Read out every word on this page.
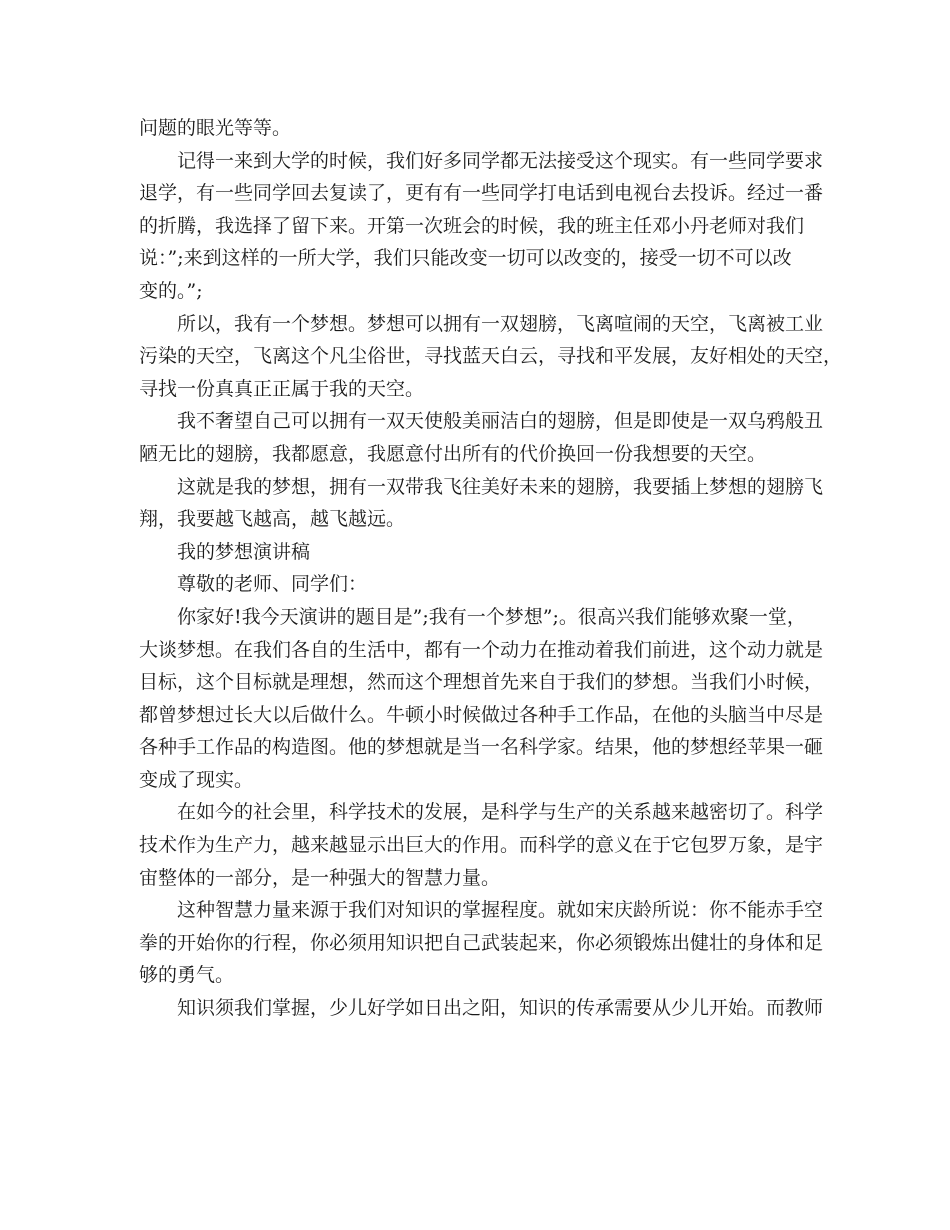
问题的眼光等等。
记得一来到大学的时候，我们好多同学都无法接受这个现实。有一些同学要求
退学，有一些同学回去复读了，更有有一些同学打电话到电视台去投诉。经过一番
的折腾，我选择了留下来。开第一次班会的时候，我的班主任邓小丹老师对我们
说：”;来到这样的一所大学，我们只能改变一切可以改变的，接受一切不可以改
变的。”;
所以，我有一个梦想。梦想可以拥有一双翅膀，飞离喧闹的天空，飞离被工业
污染的天空，飞离这个凡尘俗世，寻找蓝天白云，寻找和平发展，友好相处的天空，
寻找一份真真正正属于我的天空。
我不奢望自己可以拥有一双天使般美丽洁白的翅膀，但是即使是一双乌鸦般丑
陋无比的翅膀，我都愿意，我愿意付出所有的代价换回一份我想要的天空。
这就是我的梦想，拥有一双带我飞往美好未来的翅膀，我要插上梦想的翅膀飞
翔，我要越飞越高，越飞越远。
我的梦想演讲稿
尊敬的老师、同学们：
你家好!我今天演讲的题目是”;我有一个梦想”;。很高兴我们能够欢聚一堂，
大谈梦想。在我们各自的生活中，都有一个动力在推动着我们前进，这个动力就是
目标，这个目标就是理想，然而这个理想首先来自于我们的梦想。当我们小时候，
都曾梦想过长大以后做什么。牛顿小时候做过各种手工作品，在他的头脑当中尽是
各种手工作品的构造图。他的梦想就是当一名科学家。结果，他的梦想经苹果一砸
变成了现实。
在如今的社会里，科学技术的发展，是科学与生产的关系越来越密切了。科学
技术作为生产力，越来越显示出巨大的作用。而科学的意义在于它包罗万象，是宇
宙整体的一部分，是一种强大的智慧力量。
这种智慧力量来源于我们对知识的掌握程度。就如宋庆龄所说：你不能赤手空
拳的开始你的行程，你必须用知识把自己武装起来，你必须锻炼出健壮的身体和足
够的勇气。
知识须我们掌握，少儿好学如日出之阳，知识的传承需要从少儿开始。而教师
